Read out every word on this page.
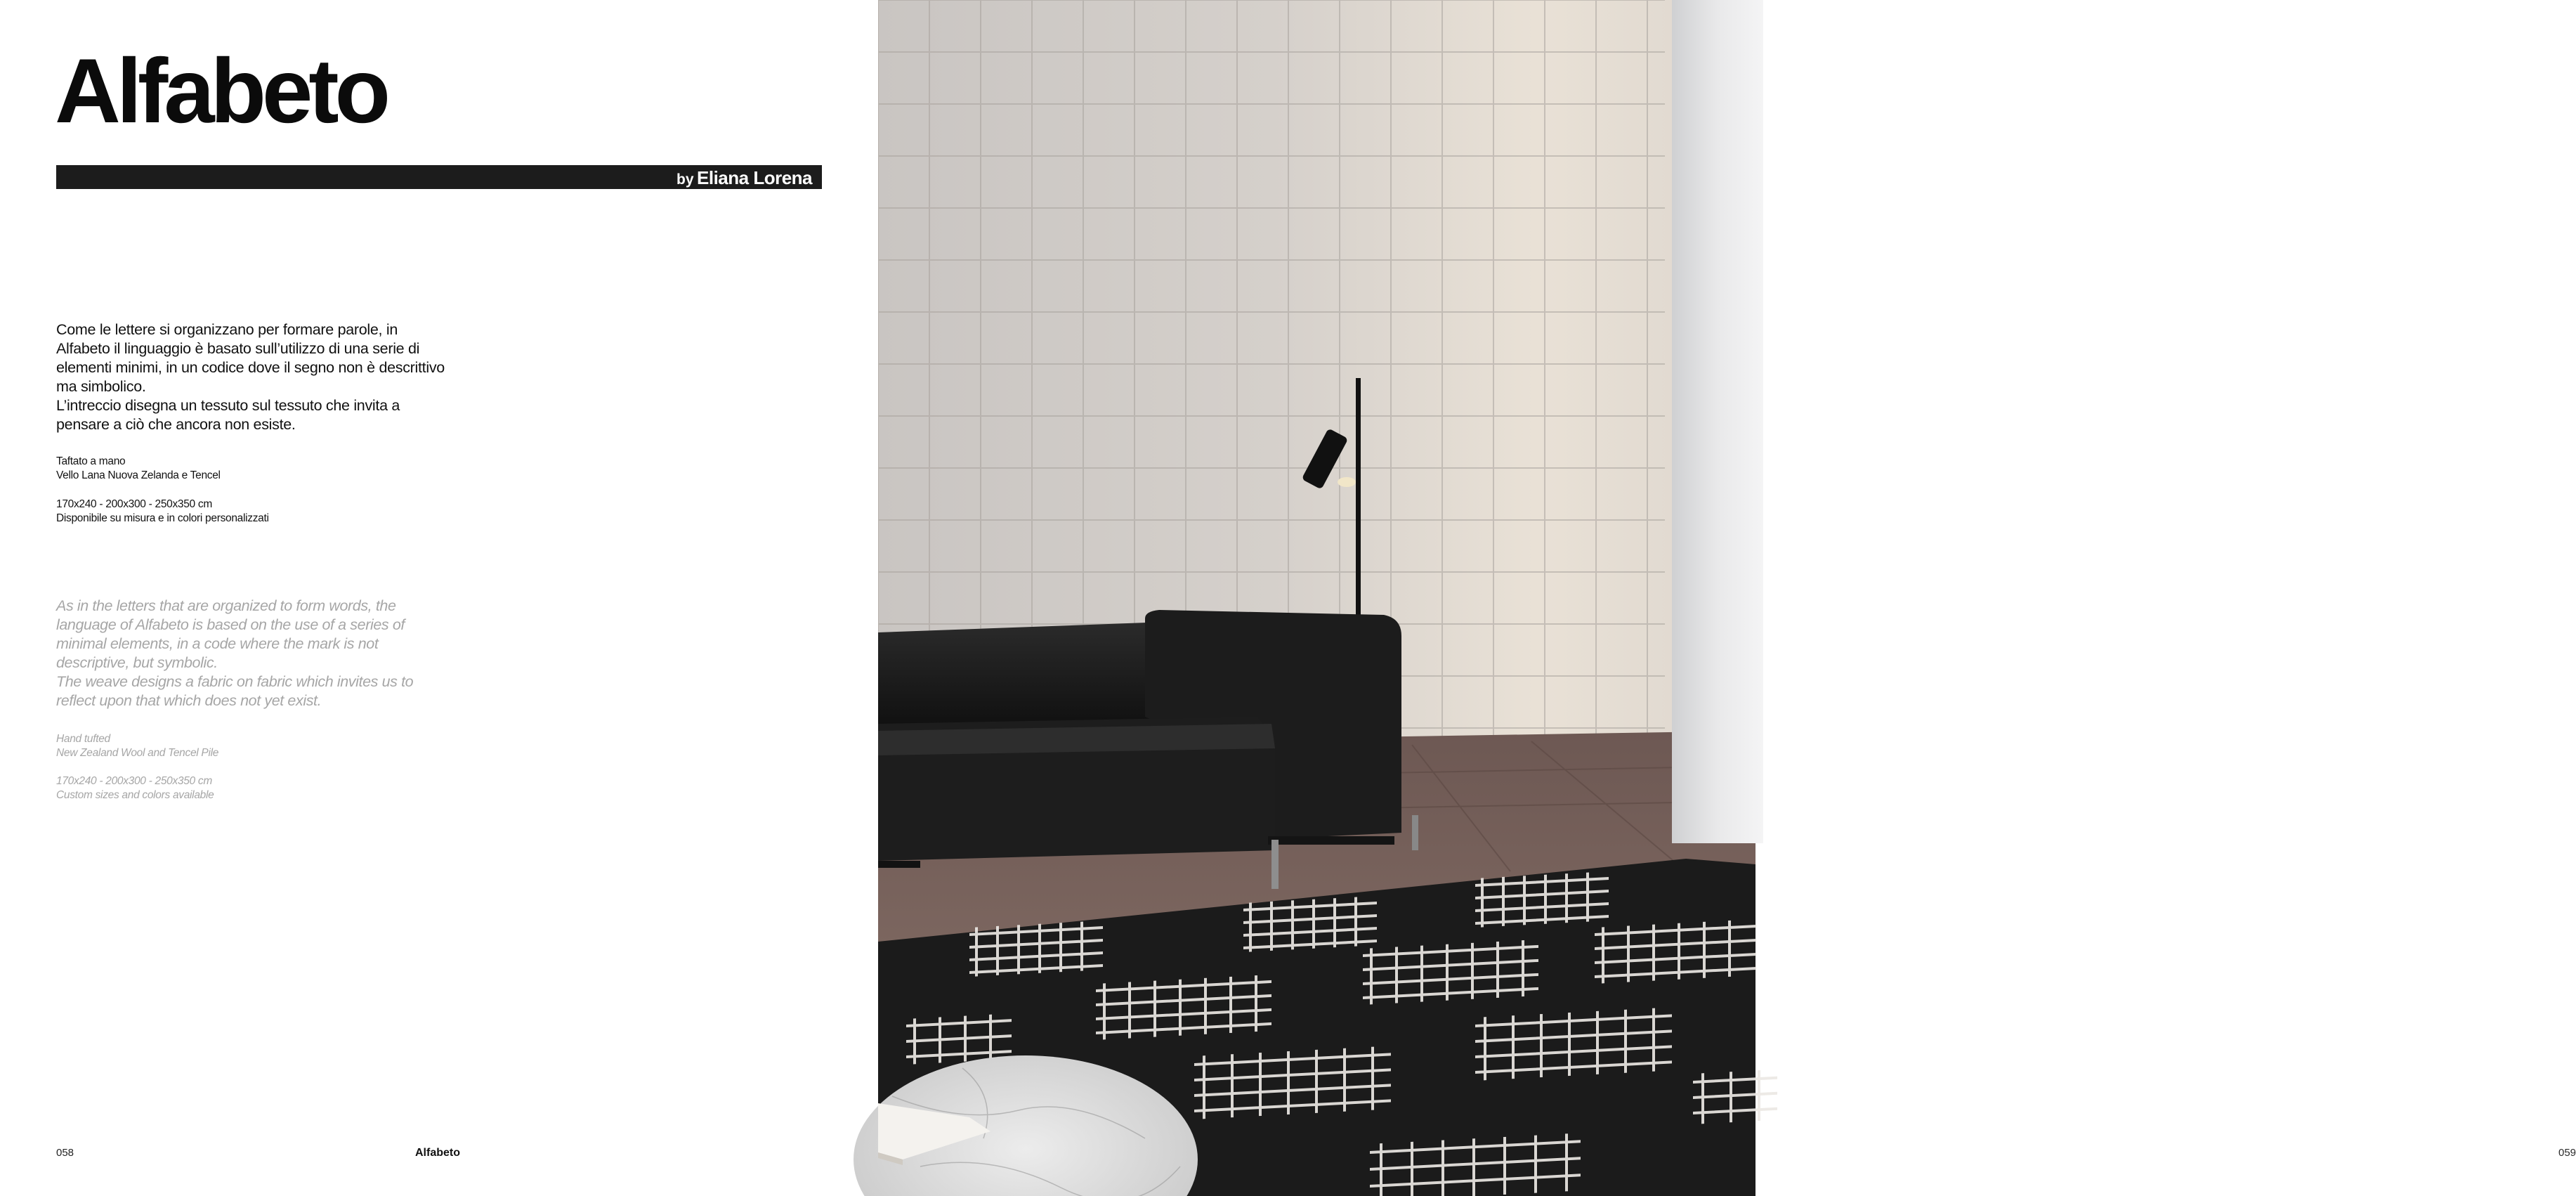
Alfabeto
by Eliana Lorena

Come le lettere si organizzano per formare parole, in Alfabeto il linguaggio è basato sull’utilizzo di una serie di elementi minimi, in un codice dove il segno non è descrittivo ma simbolico.

L’intreccio disegna un tessuto sul tessuto che invita a pensare a ciò che ancora non esiste.

Taftato a mano
Vello Lana Nuova Zelanda e Tencel
170x240 - 200x300 - 250x350 cm
Disponibile su misura e in colori personalizzati

As in the letters that are organized to form words, the language of Alfabeto is based on the use of a series of minimal elements, in a code where the mark is not descriptive, but symbolic.

The weave designs a fabric on fabric which invites us to reflect upon that which does not yet exist.

Hand tufted
New Zealand Wool and Tencel Pile
170x240 - 200x300 - 250x350 cm
Custom sizes and colors available
058	Alfabeto	059
